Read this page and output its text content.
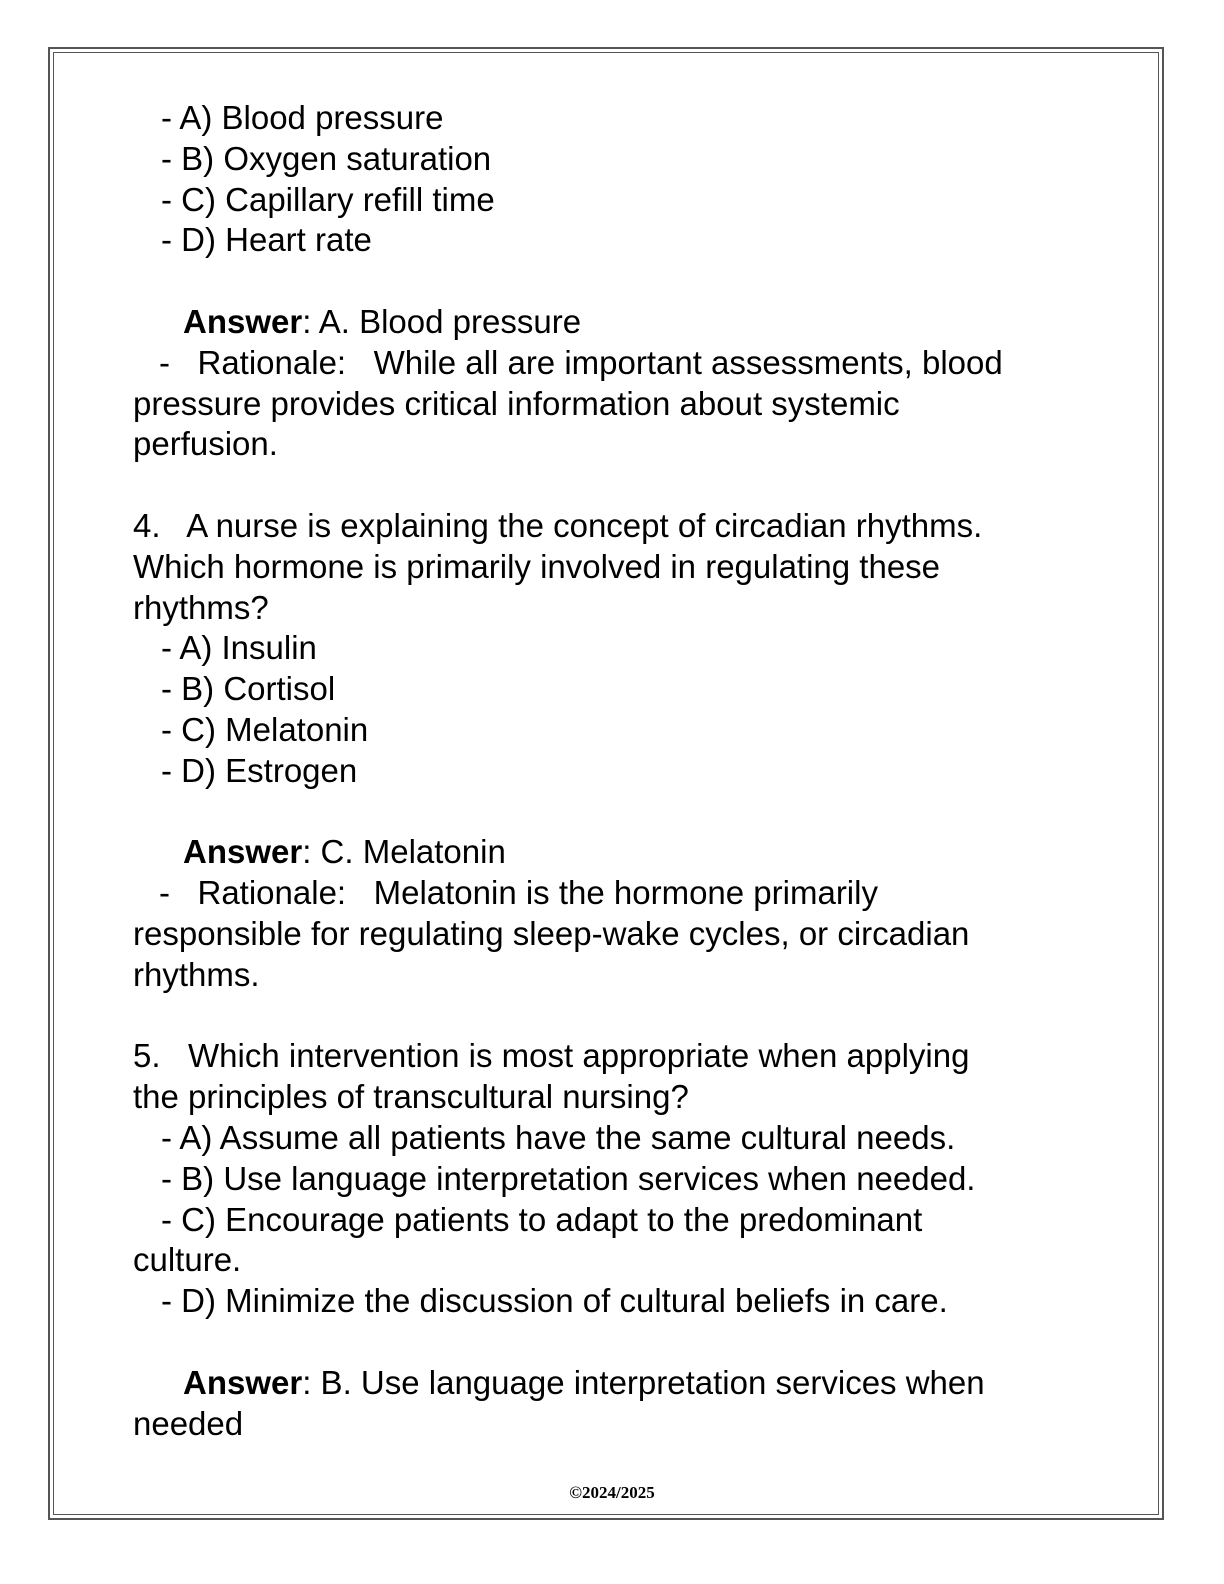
- A) Blood pressure
- B) Oxygen saturation
- C) Capillary refill time
- D) Heart rate
Answer: A. Blood pressure
-   Rationale:   While all are important assessments, blood
pressure provides critical information about systemic
perfusion.
4.   A nurse is explaining the concept of circadian rhythms.
Which hormone is primarily involved in regulating these
rhythms?
- A) Insulin
- B) Cortisol
- C) Melatonin
- D) Estrogen
Answer: C. Melatonin
-   Rationale:   Melatonin is the hormone primarily
responsible for regulating sleep-wake cycles, or circadian
rhythms.
5.   Which intervention is most appropriate when applying
the principles of transcultural nursing?
- A) Assume all patients have the same cultural needs.
- B) Use language interpretation services when needed.
- C) Encourage patients to adapt to the predominant
culture.
- D) Minimize the discussion of cultural beliefs in care.
Answer: B. Use language interpretation services when
needed
©2024/2025
